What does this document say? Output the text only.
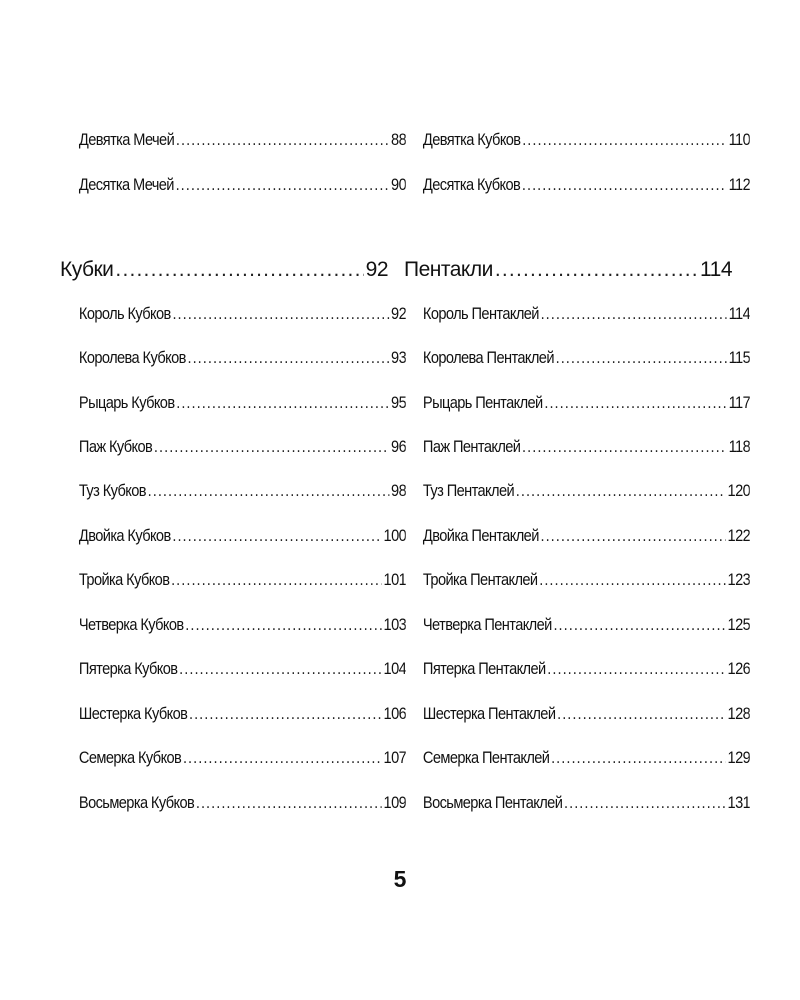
Девятка Мечей .....	88
Десятка Мечей .....	90
Кубки .....	92
Король Кубков .....	92
Королева Кубков .....	93
Рыцарь Кубков .....	95
Паж Кубков .....	96
Туз Кубков .....	98
Двойка Кубков .....	100
Тройка Кубков .....	101
Четверка Кубков .....	103
Пятерка Кубков .....	104
Шестерка Кубков .....	106
Семерка Кубков .....	107
Восьмерка Кубков .....	109
Девятка Кубков .....	110
Десятка Кубков .....	112
Пентакли .....	114
Король Пентаклей .....	114
Королева Пентаклей .....	115
Рыцарь Пентаклей .....	117
Паж Пентаклей .....	118
Туз Пентаклей .....	120
Двойка Пентаклей .....	122
Тройка Пентаклей .....	123
Четверка Пентаклей .....	125
Пятерка Пентаклей .....	126
Шестерка Пентаклей .....	128
Семерка Пентаклей .....	129
Восьмерка Пентаклей .....	131
5
